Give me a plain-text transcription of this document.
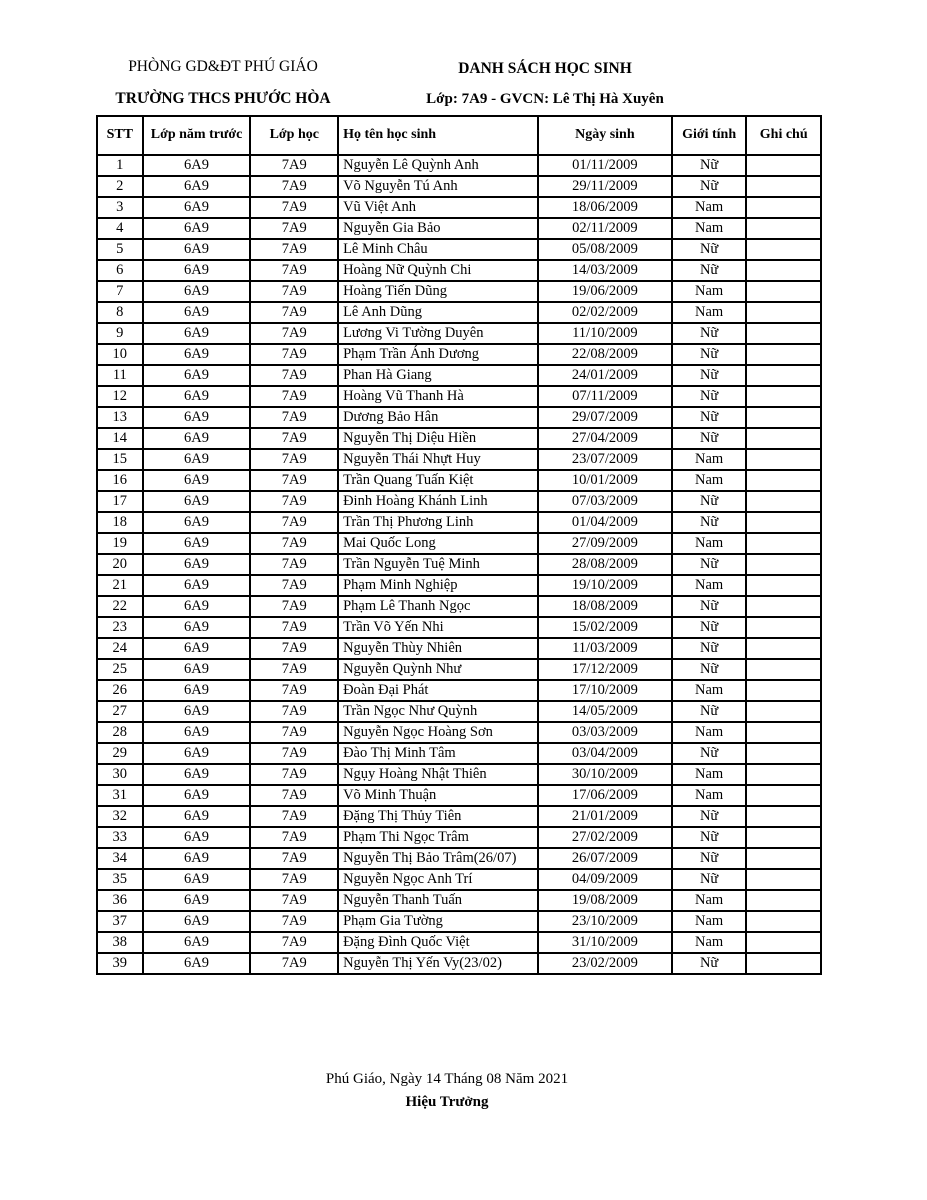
PHÒNG GD&ĐT PHÚ GIÁO
TRƯỜNG THCS PHƯỚC HÒA
DANH SÁCH HỌC SINH
Lớp: 7A9 - GVCN: Lê Thị Hà Xuyên
STT	Lớp năm trước	Lớp học	Họ tên học sinh	Ngày sinh	Giới tính	Ghi chú
1	6A9	7A9	Nguyễn Lê Quỳnh Anh	01/11/2009	Nữ	
2	6A9	7A9	Võ Nguyễn Tú Anh	29/11/2009	Nữ	
3	6A9	7A9	Vũ Việt Anh	18/06/2009	Nam	
4	6A9	7A9	Nguyễn Gia Bảo	02/11/2009	Nam	
5	6A9	7A9	Lê Minh Châu	05/08/2009	Nữ	
6	6A9	7A9	Hoàng Nữ Quỳnh Chi	14/03/2009	Nữ	
7	6A9	7A9	Hoàng Tiến Dũng	19/06/2009	Nam	
8	6A9	7A9	Lê Anh Dũng	02/02/2009	Nam	
9	6A9	7A9	Lương Vi Tường Duyên	11/10/2009	Nữ	
10	6A9	7A9	Phạm Trần Ánh Dương	22/08/2009	Nữ	
11	6A9	7A9	Phan Hà Giang	24/01/2009	Nữ	
12	6A9	7A9	Hoàng Vũ Thanh Hà	07/11/2009	Nữ	
13	6A9	7A9	Dương Bảo Hân	29/07/2009	Nữ	
14	6A9	7A9	Nguyễn Thị Diệu Hiền	27/04/2009	Nữ	
15	6A9	7A9	Nguyễn Thái Nhựt Huy	23/07/2009	Nam	
16	6A9	7A9	Trần Quang Tuấn Kiệt	10/01/2009	Nam	
17	6A9	7A9	Đinh Hoàng Khánh Linh	07/03/2009	Nữ	
18	6A9	7A9	Trần Thị Phương Linh	01/04/2009	Nữ	
19	6A9	7A9	Mai Quốc Long	27/09/2009	Nam	
20	6A9	7A9	Trần Nguyễn Tuệ Minh	28/08/2009	Nữ	
21	6A9	7A9	Phạm Minh Nghiệp	19/10/2009	Nam	
22	6A9	7A9	Phạm Lê Thanh Ngọc	18/08/2009	Nữ	
23	6A9	7A9	Trần Võ Yến Nhi	15/02/2009	Nữ	
24	6A9	7A9	Nguyễn Thùy Nhiên	11/03/2009	Nữ	
25	6A9	7A9	Nguyễn Quỳnh Như	17/12/2009	Nữ	
26	6A9	7A9	Đoàn Đại Phát	17/10/2009	Nam	
27	6A9	7A9	Trần Ngọc Như Quỳnh	14/05/2009	Nữ	
28	6A9	7A9	Nguyễn Ngọc Hoàng Sơn	03/03/2009	Nam	
29	6A9	7A9	Đào Thị Minh Tâm	03/04/2009	Nữ	
30	6A9	7A9	Ngụy Hoàng Nhật Thiên	30/10/2009	Nam	
31	6A9	7A9	Võ Minh Thuận	17/06/2009	Nam	
32	6A9	7A9	Đặng Thị Thủy Tiên	21/01/2009	Nữ	
33	6A9	7A9	Phạm Thi Ngọc Trâm	27/02/2009	Nữ	
34	6A9	7A9	Nguyễn Thị Bảo Trâm(26/07)	26/07/2009	Nữ	
35	6A9	7A9	Nguyễn Ngọc Anh Trí	04/09/2009	Nữ	
36	6A9	7A9	Nguyễn Thanh Tuấn	19/08/2009	Nam	
37	6A9	7A9	Phạm Gia Tường	23/10/2009	Nam	
38	6A9	7A9	Đặng Đình Quốc Việt	31/10/2009	Nam	
39	6A9	7A9	Nguyễn Thị Yến Vy(23/02)	23/02/2009	Nữ	
Phú Giáo, Ngày 14 Tháng 08 Năm 2021
Hiệu Trưởng
